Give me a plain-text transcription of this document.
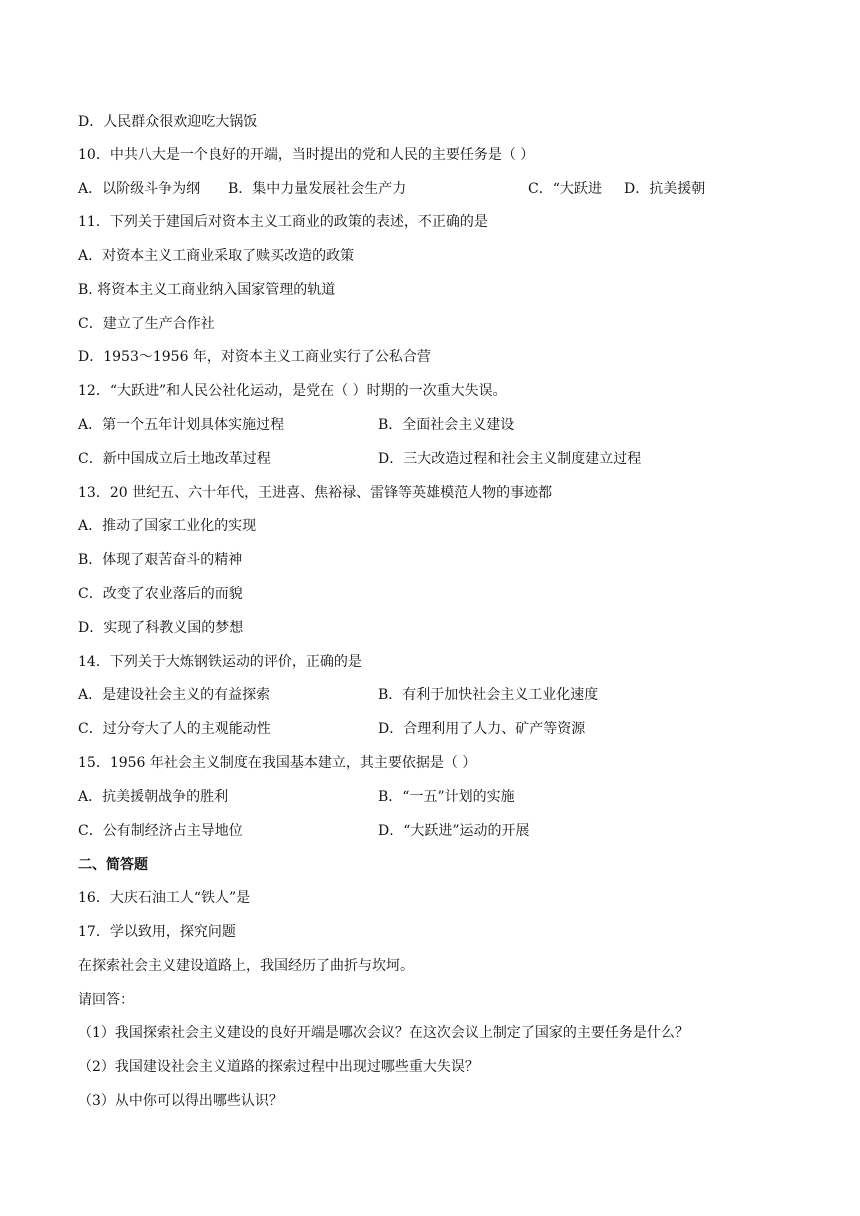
D．人民群众很欢迎吃大锅饭
10．中共八大是一个良好的开端，当时提出的党和人民的主要任务是（ ）
A．以阶级斗争为纲 B．集中力量发展社会生产力	C．“大跃进 D．抗美援朝
11．下列关于建国后对资本主义工商业的政策的表述，不正确的是
A．对资本主义工商业采取了赎买改造的政策
B. 将资本主义工商业纳入国家管理的轨道
C．建立了生产合作社
D．1953～1956 年，对资本主义工商业实行了公私合营
12．“大跃进”和人民公社化运动，是党在（ ）时期的一次重大失误。
A．第一个五年计划具体实施过程	B．全面社会主义建设
C．新中国成立后土地改革过程	D．三大改造过程和社会主义制度建立过程
13．20 世纪五、六十年代，王进喜、焦裕禄、雷锋等英雄模范人物的事迹都
A．推动了国家工业化的实现
B．体现了艰苦奋斗的精神
C．改变了农业落后的而貌
D．实现了科教义国的梦想
14．下列关于大炼钢铁运动的评价，正确的是
A．是建设社会主义的有益探索	B．有利于加快社会主义工业化速度
C．过分夸大了人的主观能动性	D．合理利用了人力、矿产等资源
15．1956 年社会主义制度在我国基本建立，其主要依据是（ ）
A．抗美援朝战争的胜利	B．“一五”计划的实施
C．公有制经济占主导地位	D．“大跃进”运动的开展
二、简答题
16．大庆石油工人“铁人”是
17．学以致用，探究问题
在探索社会主义建设道路上，我国经历了曲折与坎坷。
请回答：
（1）我国探索社会主义建设的良好开端是哪次会议？在这次会议上制定了国家的主要任务是什么？
（2）我国建设社会主义道路的探索过程中出现过哪些重大失误？
（3）从中你可以得出哪些认识？
